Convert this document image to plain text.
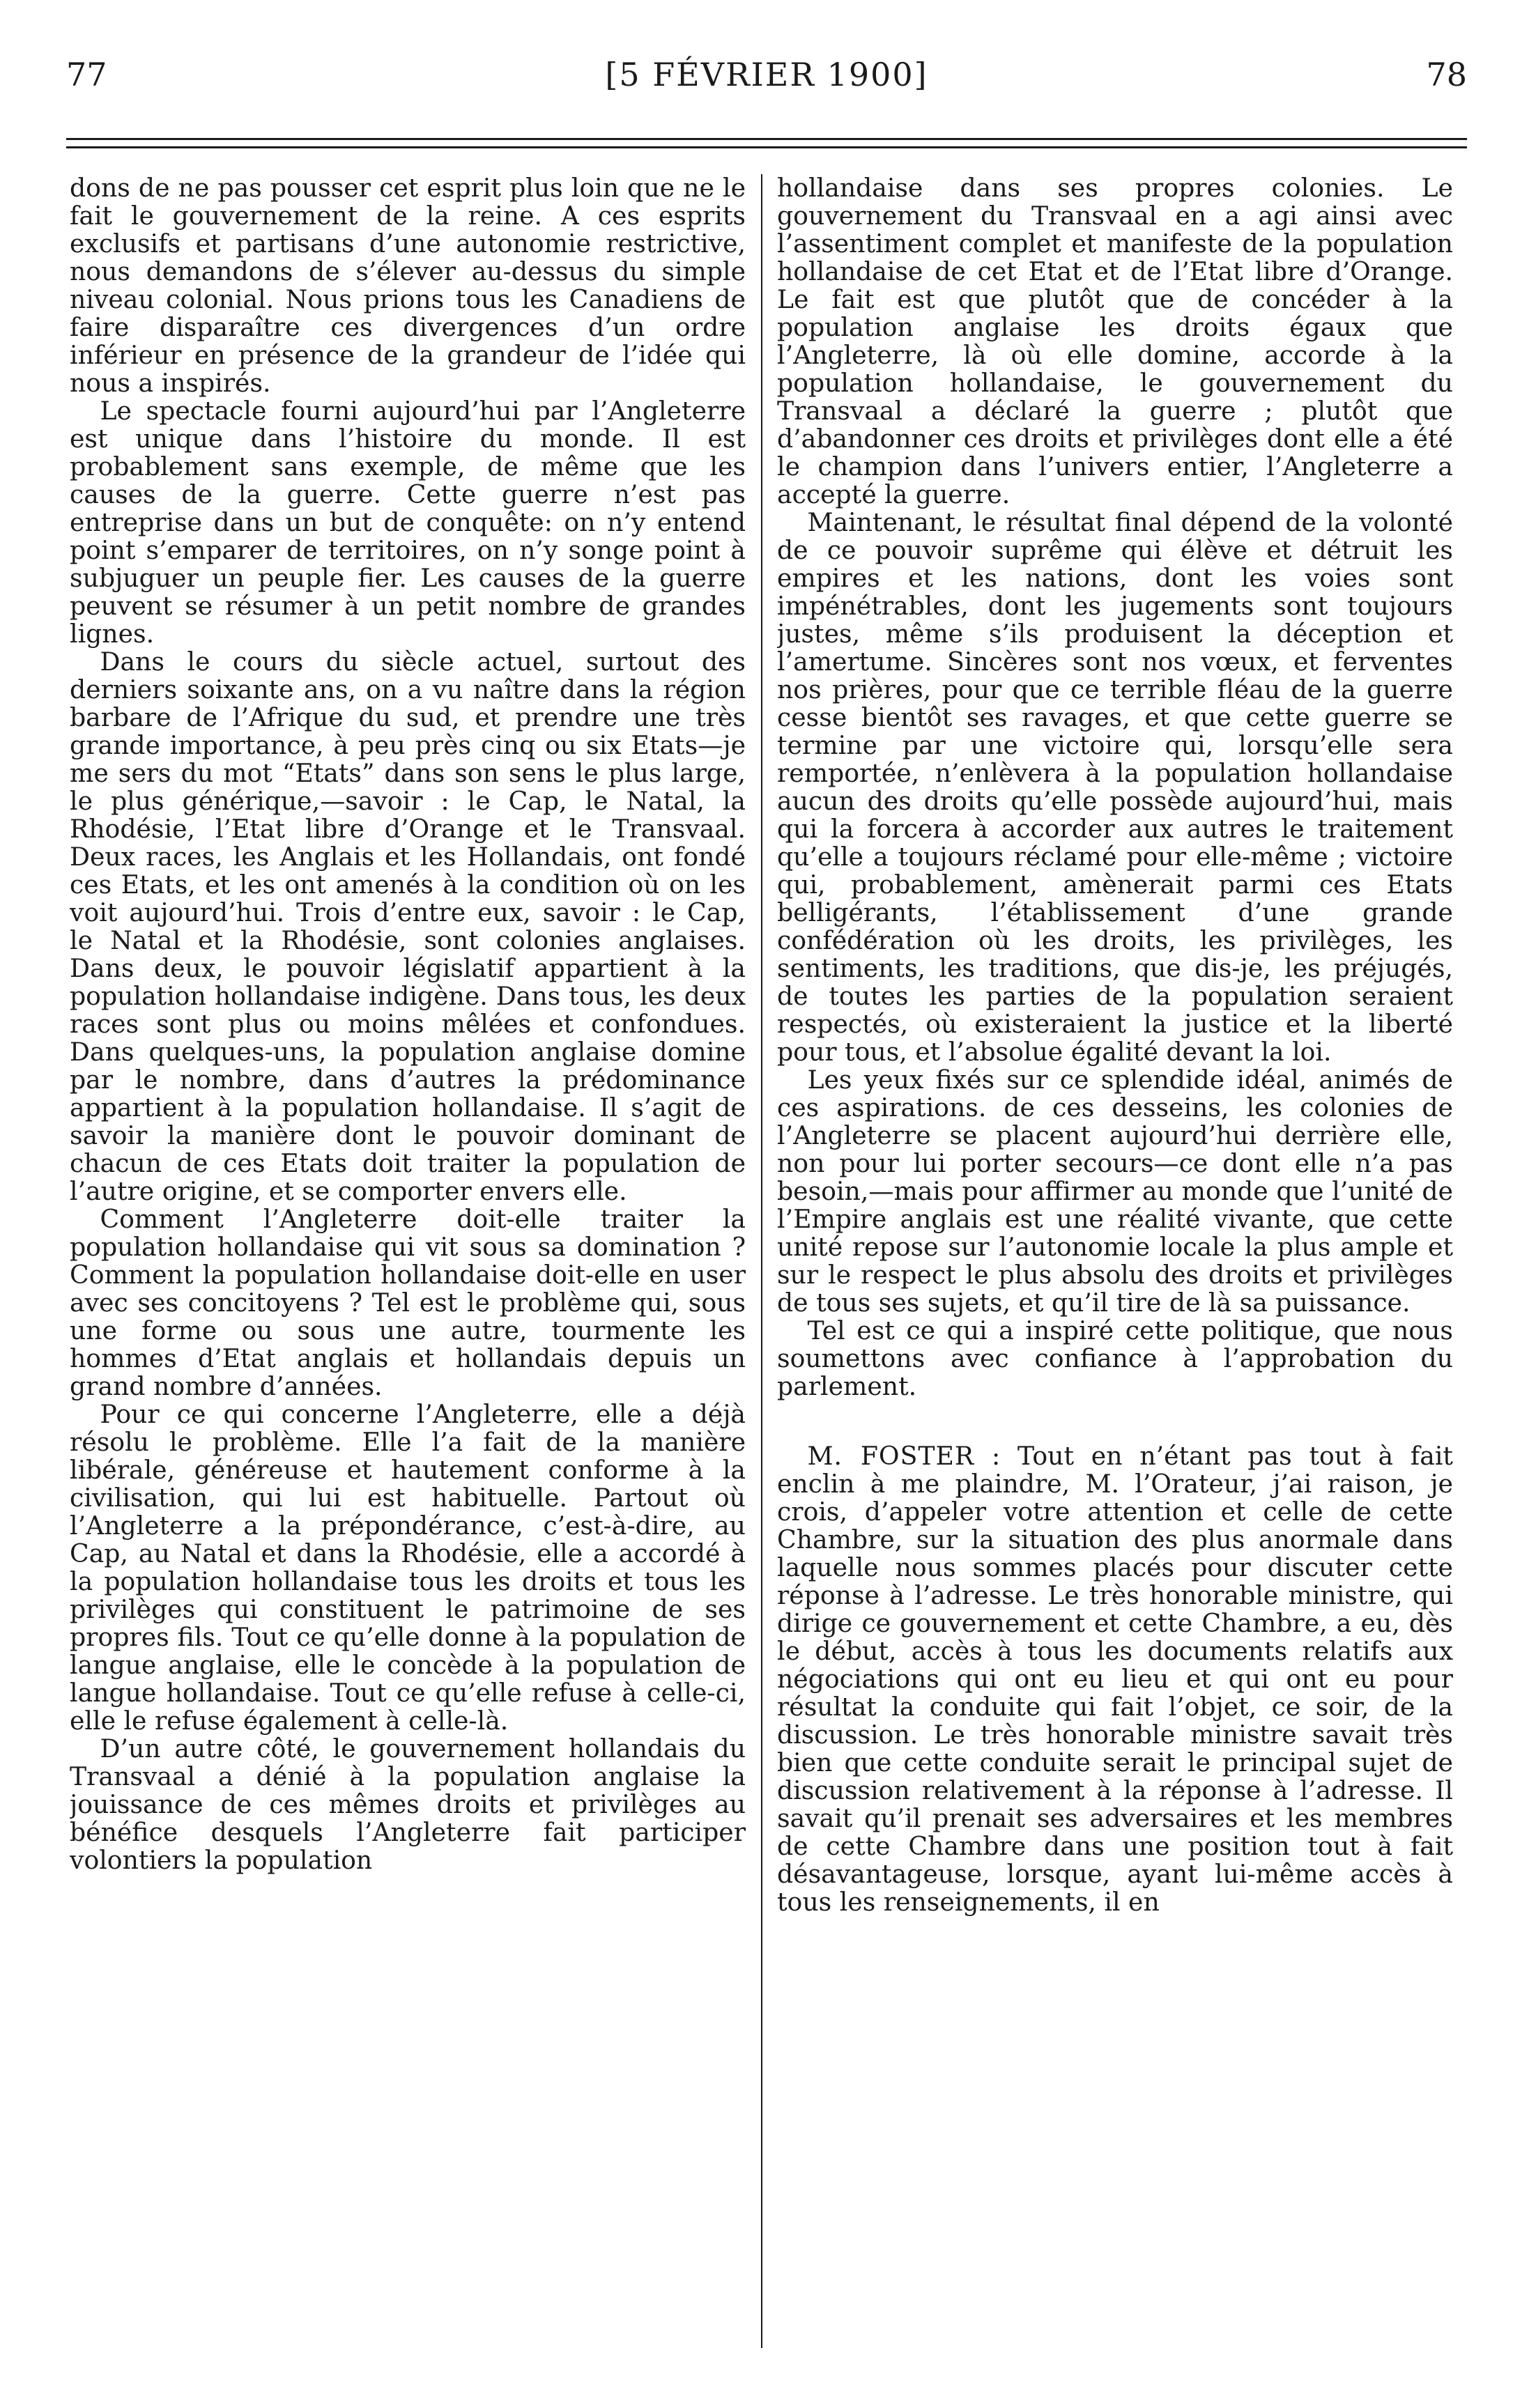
77	[5 FÉVRIER 1900]	78

dons de ne pas pousser cet esprit plus loin que ne le fait le gouvernement de la reine. A ces esprits exclusifs et partisans d’une autonomie restrictive, nous demandons de s’élever au-dessus du simple niveau colonial. Nous prions tous les Canadiens de faire disparaître ces divergences d’un ordre inférieur en présence de la grandeur de l’idée qui nous a inspirés.

Le spectacle fourni aujourd’hui par l’Angleterre est unique dans l’histoire du monde. Il est probablement sans exemple, de même que les causes de la guerre. Cette guerre n’est pas entreprise dans un but de conquête: on n’y entend point s’emparer de territoires, on n’y songe point à subjuguer un peuple fier. Les causes de la guerre peuvent se résumer à un petit nombre de grandes lignes.

Dans le cours du siècle actuel, surtout des derniers soixante ans, on a vu naître dans la région barbare de l’Afrique du sud, et prendre une très grande importance, à peu près cinq ou six Etats—je me sers du mot “Etats” dans son sens le plus large, le plus générique,—savoir : le Cap, le Natal, la Rhodésie, l’Etat libre d’Orange et le Transvaal. Deux races, les Anglais et les Hollandais, ont fondé ces Etats, et les ont amenés à la condition où on les voit aujourd’hui. Trois d’entre eux, savoir : le Cap, le Natal et la Rhodésie, sont colonies anglaises. Dans deux, le pouvoir législatif appartient à la population hollandaise indigène. Dans tous, les deux races sont plus ou moins mêlées et confondues. Dans quelques-uns, la population anglaise domine par le nombre, dans d’autres la prédominance appartient à la population hollandaise. Il s’agit de savoir la manière dont le pouvoir dominant de chacun de ces Etats doit traiter la population de l’autre origine, et se comporter envers elle.

Comment l’Angleterre doit-elle traiter la population hollandaise qui vit sous sa domination ? Comment la population hollandaise doit-elle en user avec ses concitoyens ? Tel est le problème qui, sous une forme ou sous une autre, tourmente les hommes d’Etat anglais et hollandais depuis un grand nombre d’années.

Pour ce qui concerne l’Angleterre, elle a déjà résolu le problème. Elle l’a fait de la manière libérale, généreuse et hautement conforme à la civilisation, qui lui est habituelle. Partout où l’Angleterre a la prépondérance, c’est-à-dire, au Cap, au Natal et dans la Rhodésie, elle a accordé à la population hollandaise tous les droits et tous les privilèges qui constituent le patrimoine de ses propres fils. Tout ce qu’elle donne à la population de langue anglaise, elle le concède à la population de langue hollandaise. Tout ce qu’elle refuse à celle-ci, elle le refuse également à celle-là.

D’un autre côté, le gouvernement hollandais du Transvaal a dénié à la population anglaise la jouissance de ces mêmes droits et privilèges au bénéfice desquels l’Angleterre fait participer volontiers la population

hollandaise dans ses propres colonies. Le gouvernement du Transvaal en a agi ainsi avec l’assentiment complet et manifeste de la population hollandaise de cet Etat et de l’Etat libre d’Orange. Le fait est que plutôt que de concéder à la population anglaise les droits égaux que l’Angleterre, là où elle domine, accorde à la population hollandaise, le gouvernement du Transvaal a déclaré la guerre ; plutôt que d’abandonner ces droits et privilèges dont elle a été le champion dans l’univers entier, l’Angleterre a accepté la guerre.

Maintenant, le résultat final dépend de la volonté de ce pouvoir suprême qui élève et détruit les empires et les nations, dont les voies sont impénétrables, dont les jugements sont toujours justes, même s’ils produisent la déception et l’amertume. Sincères sont nos vœux, et ferventes nos prières, pour que ce terrible fléau de la guerre cesse bientôt ses ravages, et que cette guerre se termine par une victoire qui, lorsqu’elle sera remportée, n’enlèvera à la population hollandaise aucun des droits qu’elle possède aujourd’hui, mais qui la forcera à accorder aux autres le traitement qu’elle a toujours réclamé pour elle-même ; victoire qui, probablement, amènerait parmi ces Etats belligérants, l’établissement d’une grande confédération où les droits, les privilèges, les sentiments, les traditions, que dis-je, les préjugés, de toutes les parties de la population seraient respectés, où existeraient la justice et la liberté pour tous, et l’absolue égalité devant la loi.

Les yeux fixés sur ce splendide idéal, animés de ces aspirations. de ces desseins, les colonies de l’Angleterre se placent aujourd’hui derrière elle, non pour lui porter secours—ce dont elle n’a pas besoin,—mais pour affirmer au monde que l’unité de l’Empire anglais est une réalité vivante, que cette unité repose sur l’autonomie locale la plus ample et sur le respect le plus absolu des droits et privilèges de tous ses sujets, et qu’il tire de là sa puissance.

Tel est ce qui a inspiré cette politique, que nous soumettons avec confiance à l’approbation du parlement.

M. FOSTER : Tout en n’étant pas tout à fait enclin à me plaindre, M. l’Orateur, j’ai raison, je crois, d’appeler votre attention et celle de cette Chambre, sur la situation des plus anormale dans laquelle nous sommes placés pour discuter cette réponse à l’adresse. Le très honorable ministre, qui dirige ce gouvernement et cette Chambre, a eu, dès le début, accès à tous les documents relatifs aux négociations qui ont eu lieu et qui ont eu pour résultat la conduite qui fait l’objet, ce soir, de la discussion. Le très honorable ministre savait très bien que cette conduite serait le principal sujet de discussion relativement à la réponse à l’adresse. Il savait qu’il prenait ses adversaires et les membres de cette Chambre dans une position tout à fait désavantageuse, lorsque, ayant lui-même accès à tous les renseignements, il en
